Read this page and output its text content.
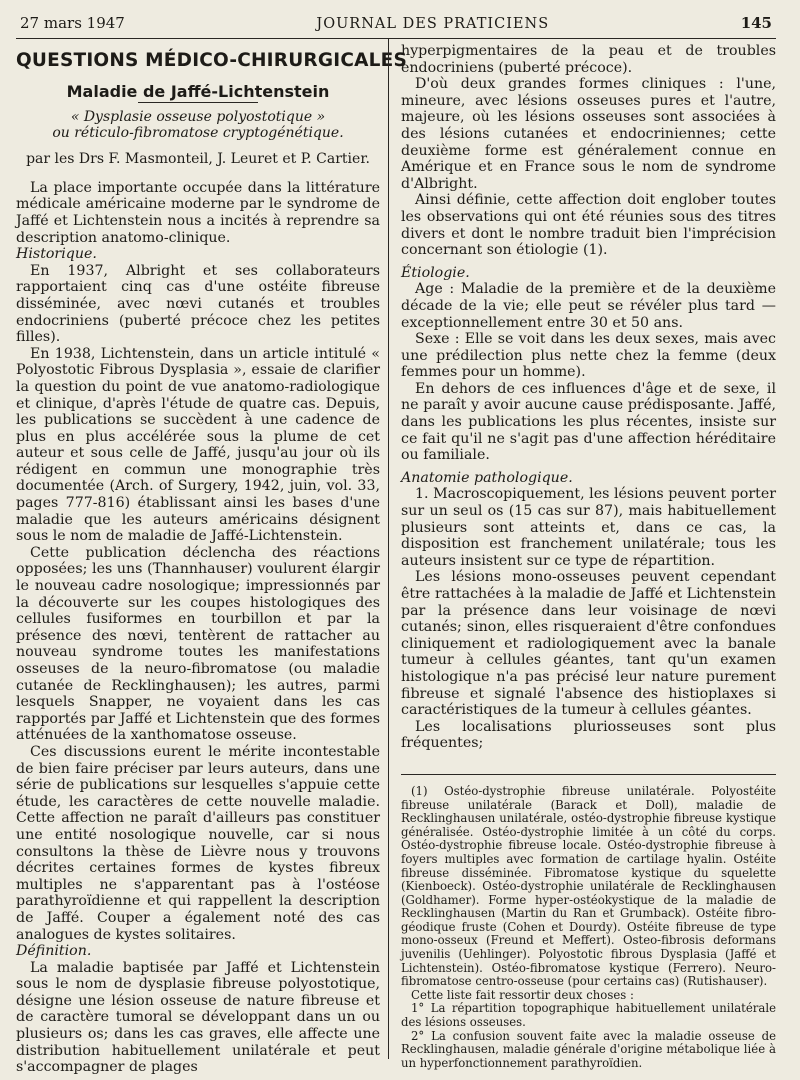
27 mars 1947	JOURNAL DES PRATICIENS	145
QUESTIONS MÉDICO-CHIRURGICALES
Maladie de Jaffé-Lichtenstein
« Dysplasie osseuse polyostotique »
ou réticulo-fibromatose cryptogénétique.
par les Drs F. Masmonteil, J. Leuret et P. Cartier.

La place importante occupée dans la littérature médicale américaine moderne par le syndrome de Jaffé et Lichtenstein nous a incités à reprendre sa description anatomo-clinique.

Historique.

En 1937, Albright et ses collaborateurs rapportaient cinq cas d'une ostéite fibreuse disséminée, avec nœvi cutanés et troubles endocriniens (puberté précoce chez les petites filles).

En 1938, Lichtenstein, dans un article intitulé « Polyostotic Fibrous Dysplasia », essaie de clarifier la question du point de vue anatomo-radiologique et clinique, d'après l'étude de quatre cas. Depuis, les publications se succèdent à une cadence de plus en plus accélérée sous la plume de cet auteur et sous celle de Jaffé, jusqu'au jour où ils rédigent en commun une monographie très documentée (Arch. of Surgery, 1942, juin, vol. 33, pages 777-816) établissant ainsi les bases d'une maladie que les auteurs américains désignent sous le nom de maladie de Jaffé-Lichtenstein.

Cette publication déclencha des réactions opposées; les uns (Thannhauser) voulurent élargir le nouveau cadre nosologique; impressionnés par la découverte sur les coupes histologiques des cellules fusiformes en tourbillon et par la présence des nœvi, tentèrent de rattacher au nouveau syndrome toutes les manifestations osseuses de la neuro-fibromatose (ou maladie cutanée de Recklinghausen); les autres, parmi lesquels Snapper, ne voyaient dans les cas rapportés par Jaffé et Lichtenstein que des formes atténuées de la xanthomatose osseuse.

Ces discussions eurent le mérite incontestable de bien faire préciser par leurs auteurs, dans une série de publications sur lesquelles s'appuie cette étude, les caractères de cette nouvelle maladie. Cette affection ne paraît d'ailleurs pas constituer une entité nosologique nouvelle, car si nous consultons la thèse de Lièvre nous y trouvons décrites certaines formes de kystes fibreux multiples ne s'apparentant pas à l'ostéose parathyroïdienne et qui rappellent la description de Jaffé. Couper a également noté des cas analogues de kystes solitaires.

Définition.

La maladie baptisée par Jaffé et Lichtenstein sous le nom de dysplasie fibreuse polyostotique, désigne une lésion osseuse de nature fibreuse et de caractère tumoral se développant dans un ou plusieurs os; dans les cas graves, elle affecte une distribution habituellement unilatérale et peut s'accompagner de plages

hyperpigmentaires de la peau et de troubles endocriniens (puberté précoce).

D'où deux grandes formes cliniques : l'une, mineure, avec lésions osseuses pures et l'autre, majeure, où les lésions osseuses sont associées à des lésions cutanées et endocriniennes; cette deuxième forme est généralement connue en Amérique et en France sous le nom de syndrome d'Albright.

Ainsi définie, cette affection doit englober toutes les observations qui ont été réunies sous des titres divers et dont le nombre traduit bien l'imprécision concernant son étiologie (1).

Étiologie.

Age : Maladie de la première et de la deuxième décade de la vie; elle peut se révéler plus tard — exceptionnellement entre 30 et 50 ans.

Sexe : Elle se voit dans les deux sexes, mais avec une prédilection plus nette chez la femme (deux femmes pour un homme).

En dehors de ces influences d'âge et de sexe, il ne paraît y avoir aucune cause prédisposante. Jaffé, dans les publications les plus récentes, insiste sur ce fait qu'il ne s'agit pas d'une affection héréditaire ou familiale.

Anatomie pathologique.

1. Macroscopiquement, les lésions peuvent porter sur un seul os (15 cas sur 87), mais habituellement plusieurs sont atteints et, dans ce cas, la disposition est franchement unilatérale; tous les auteurs insistent sur ce type de répartition.

Les lésions mono-osseuses peuvent cependant être rattachées à la maladie de Jaffé et Lichtenstein par la présence dans leur voisinage de nœvi cutanés; sinon, elles risqueraient d'être confondues cliniquement et radiologiquement avec la banale tumeur à cellules géantes, tant qu'un examen histologique n'a pas précisé leur nature purement fibreuse et signalé l'absence des histioplaxes si caractéristiques de la tumeur à cellules géantes.

Les localisations pluriosseuses sont plus fréquentes;

(1) Ostéo-dystrophie fibreuse unilatérale. Polyostéite fibreuse unilatérale (Barack et Doll), maladie de Recklinghausen unilatérale, ostéo-dystrophie fibreuse kystique généralisée. Ostéo-dystrophie limitée à un côté du corps. Ostéo-dystrophie fibreuse locale. Ostéo-dystrophie fibreuse à foyers multiples avec formation de cartilage hyalin. Ostéite fibreuse disséminée. Fibromatose kystique du squelette (Kienboeck). Ostéo-dystrophie unilatérale de Recklinghausen (Goldhamer). Forme hyper-ostéokystique de la maladie de Recklinghausen (Martin du Ran et Grumback). Ostéite fibro-géodique fruste (Cohen et Dourdy). Ostéite fibreuse de type mono-osseux (Freund et Meffert). Osteo-fibrosis deformans juvenilis (Uehlinger). Polyostotic fibrous Dysplasia (Jaffé et Lichtenstein). Ostéo-fibromatose kystique (Ferrero). Neuro-fibromatose centro-osseuse (pour certains cas) (Rutishauser).

Cette liste fait ressortir deux choses :

1° La répartition topographique habituellement unilatérale des lésions osseuses.

2° La confusion souvent faite avec la maladie osseuse de Recklinghausen, maladie générale d'origine métabolique liée à un hyperfonctionnement parathyroïdien.
